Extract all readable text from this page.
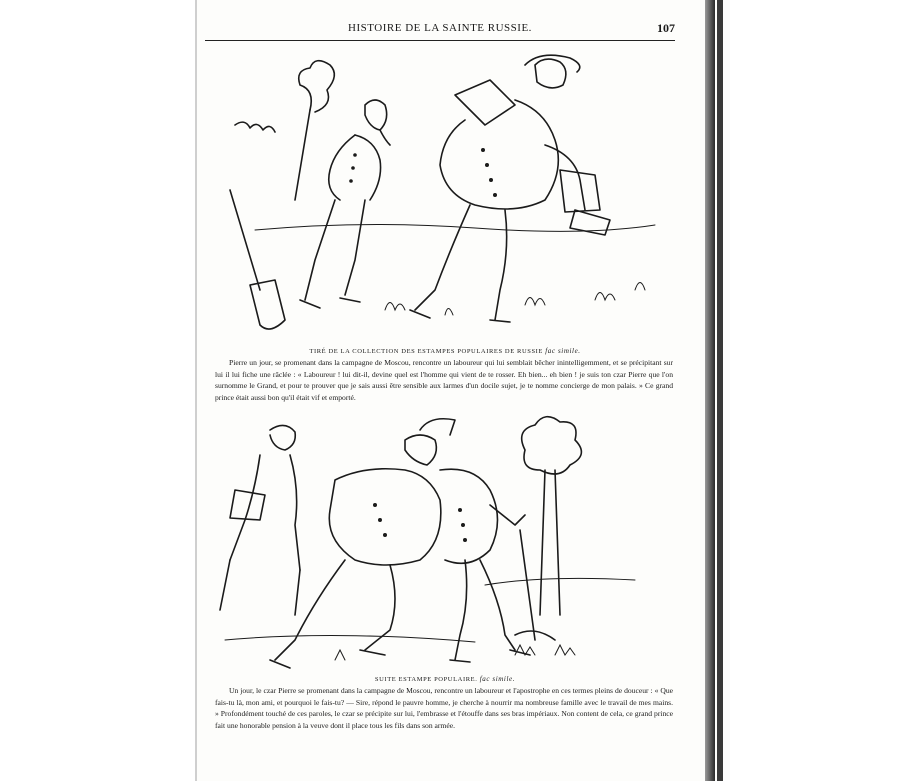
HISTOIRE DE LA SAINTE RUSSIE.	107
TIRÉ DE LA COLLECTION DES ESTAMPES POPULAIRES DE RUSSIE fac simile.
Pierre un jour, se promenant dans la campagne de Moscou, rencontre un laboureur qui lui semblait bêcher inintelligemment, et se précipitant sur lui il lui fiche une râclée : « Laboureur ! lui dit-il, devine quel est l'homme qui vient de te rosser. Eh bien... eh bien ! je suis ton czar Pierre que l'on surnomme le Grand, et pour te prouver que je sais aussi être sensible aux larmes d'un docile sujet, je te nomme concierge de mon palais. » Ce grand prince était aussi bon qu'il était vif et emporté.
SUITE ESTAMPE POPULAIRE. fac simile.
Un jour, le czar Pierre se promenant dans la campagne de Moscou, rencontre un laboureur et l'apostrophe en ces termes pleins de douceur : « Que fais-tu là, mon ami, et pourquoi le fais-tu? — Sire, répond le pauvre homme, je cherche à nourrir ma nombreuse famille avec le travail de mes mains. » Profondément touché de ces paroles, le czar se précipite sur lui, l'embrasse et l'étouffe dans ses bras impériaux. Non content de cela, ce grand prince fait une honorable pension à la veuve dont il place tous les fils dans son armée.
